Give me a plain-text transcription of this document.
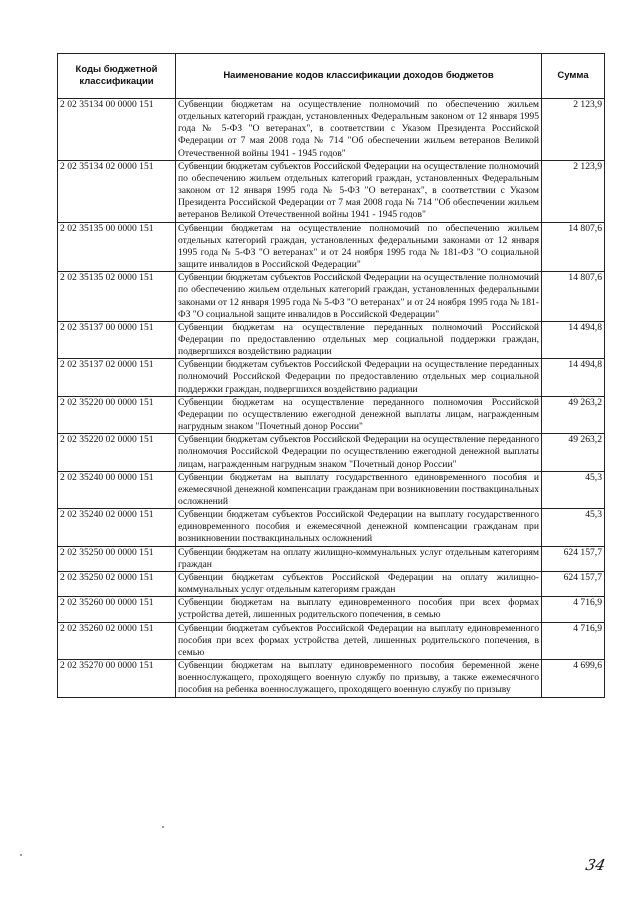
Коды бюджетной классификации	Наименование кодов классификации доходов бюджетов	Сумма
2 02 35134 00 0000 151	Субвенции бюджетам на осуществление полномочий по обеспечению жильем отдельных категорий граждан, установленных Федеральным законом от 12 января 1995 года № 5-ФЗ "О ветеранах", в соответствии с Указом Президента Российской Федерации от 7 мая 2008 года № 714 "Об обеспечении жильем ветеранов Великой Отечественной войны 1941 - 1945 годов"	2 123,9
2 02 35134 02 0000 151	Субвенции бюджетам субъектов Российской Федерации на осуществление полномочий по обеспечению жильем отдельных категорий граждан, установленных Федеральным законом от 12 января 1995 года № 5-ФЗ "О ветеранах", в соответствии с Указом Президента Российской Федерации от 7 мая 2008 года № 714 "Об обеспечении жильем ветеранов Великой Отечественной войны 1941 - 1945 годов"	2 123,9
2 02 35135 00 0000 151	Субвенции бюджетам на осуществление полномочий по обеспечению жильем отдельных категорий граждан, установленных федеральными законами от 12 января 1995 года № 5-ФЗ "О ветеранах" и от 24 ноября 1995 года № 181-ФЗ "О социальной защите инвалидов в Российской Федерации"	14 807,6
2 02 35135 02 0000 151	Субвенции бюджетам субъектов Российской Федерации на осуществление полномочий по обеспечению жильем отдельных категорий граждан, установленных федеральными законами от 12 января 1995 года № 5-ФЗ "О ветеранах" и от 24 ноября 1995 года № 181-ФЗ "О социальной защите инвалидов в Российской Федерации"	14 807,6
2 02 35137 00 0000 151	Субвенции бюджетам на осуществление переданных полномочий Российской Федерации по предоставлению отдельных мер социальной поддержки граждан, подвергшихся воздействию радиации	14 494,8
2 02 35137 02 0000 151	Субвенции бюджетам субъектов Российской Федерации на осуществление переданных полномочий Российской Федерации по предоставлению отдельных мер социальной поддержки граждан, подвергшихся воздействию радиации	14 494,8
2 02 35220 00 0000 151	Субвенции бюджетам на осуществление переданного полномочия Российской Федерации по осуществлению ежегодной денежной выплаты лицам, награжденным нагрудным знаком "Почетный донор России"	49 263,2
2 02 35220 02 0000 151	Субвенции бюджетам субъектов Российской Федерации на осуществление переданного полномочия Российской Федерации по осуществлению ежегодной денежной выплаты лицам, награжденным нагрудным знаком "Почетный донор России"	49 263,2
2 02 35240 00 0000 151	Субвенции бюджетам на выплату государственного единовременного пособия и ежемесячной денежной компенсации гражданам при возникновении поствакцинальных осложнений	45,3
2 02 35240 02 0000 151	Субвенции бюджетам субъектов Российской Федерации на выплату государственного единовременного пособия и ежемесячной денежной компенсации гражданам при возникновении поствакцинальных осложнений	45,3
2 02 35250 00 0000 151	Субвенции бюджетам на оплату жилищно-коммунальных услуг отдельным категориям граждан	624 157,7
2 02 35250 02 0000 151	Субвенции бюджетам субъектов Российской Федерации на оплату жилищно-коммунальных услуг отдельным категориям граждан	624 157,7
2 02 35260 00 0000 151	Субвенции бюджетам на выплату единовременного пособия при всех формах устройства детей, лишенных родительского попечения, в семью	4 716,9
2 02 35260 02 0000 151	Субвенции бюджетам субъектов Российской Федерации на выплату единовременного пособия при всех формах устройства детей, лишенных родительского попечения, в семью	4 716,9
2 02 35270 00 0000 151	Субвенции бюджетам на выплату единовременного пособия беременной жене военнослужащего, проходящего военную службу по призыву, а также ежемесячного пособия на ребенка военнослужащего, проходящего военную службу по призыву	4 699,6
34
